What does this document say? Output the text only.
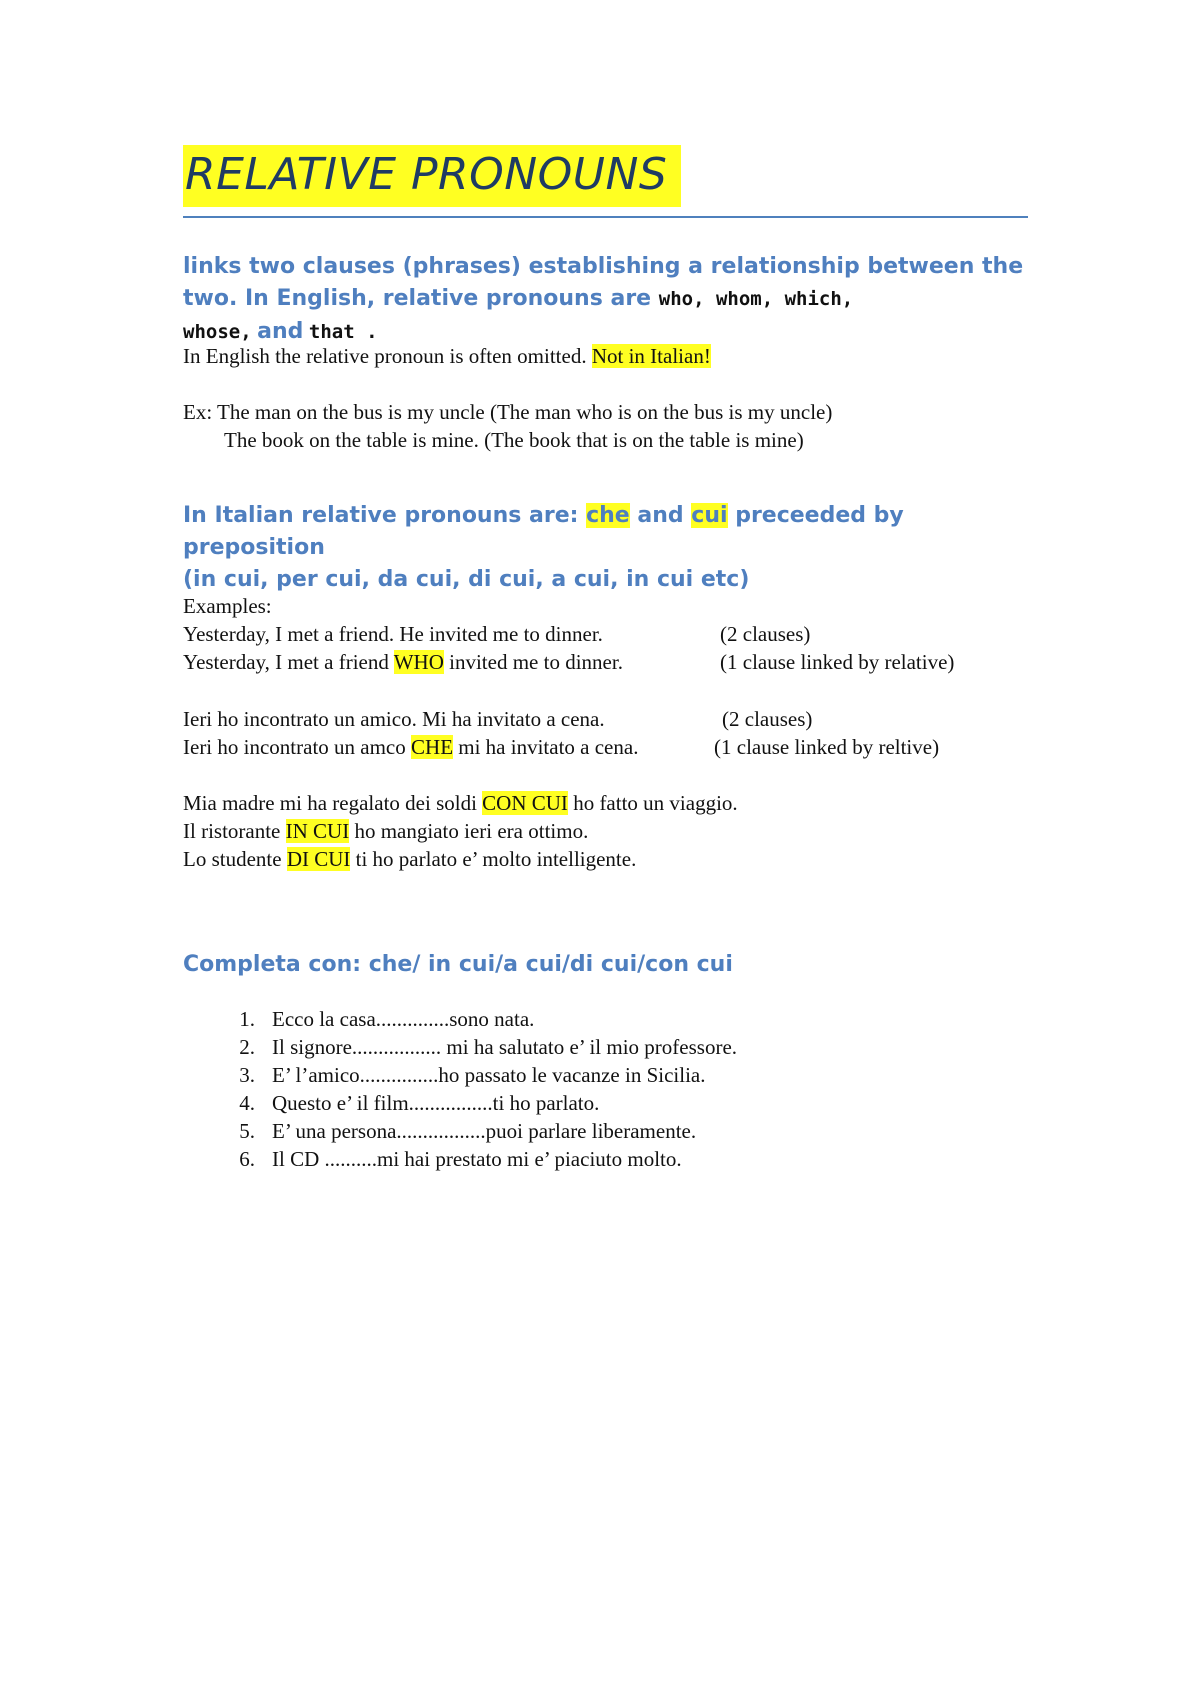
RELATIVE PRONOUNS
links two clauses (phrases) establishing a relationship between the two. In English, relative pronouns are who, whom, which,
whose, and that .
In English the relative pronoun is often omitted. Not in Italian!
Ex: The man on the bus is my uncle (The man who is on the bus is my uncle)
The book on the table is mine. (The book that is on the table is mine)
In Italian relative pronouns are: che and cui preceeded by preposition
(in cui, per cui, da cui, di cui, a cui, in cui etc)
Examples:
Yesterday, I met a friend. He invited me to dinner.	(2 clauses)
Yesterday, I met a friend WHO invited me to dinner.	(1 clause linked by relative)
Ieri ho incontrato un amico. Mi ha invitato a cena.	(2 clauses)
Ieri ho incontrato un amco CHE mi ha invitato a cena.	(1 clause linked by reltive)
Mia madre mi ha regalato dei soldi CON CUI ho fatto un viaggio.
Il ristorante IN CUI ho mangiato ieri era ottimo.
Lo studente DI CUI ti ho parlato e’ molto intelligente.
Completa con: che/ in cui/a cui/di cui/con cui
1. Ecco la casa..............sono nata.
2. Il signore................. mi ha salutato e’ il mio professore.
3. E’ l’amico...............ho passato le vacanze in Sicilia.
4. Questo e’ il film................ti ho parlato.
5. E’ una persona.................puoi parlare liberamente.
6. Il CD ..........mi hai prestato mi e’ piaciuto molto.
